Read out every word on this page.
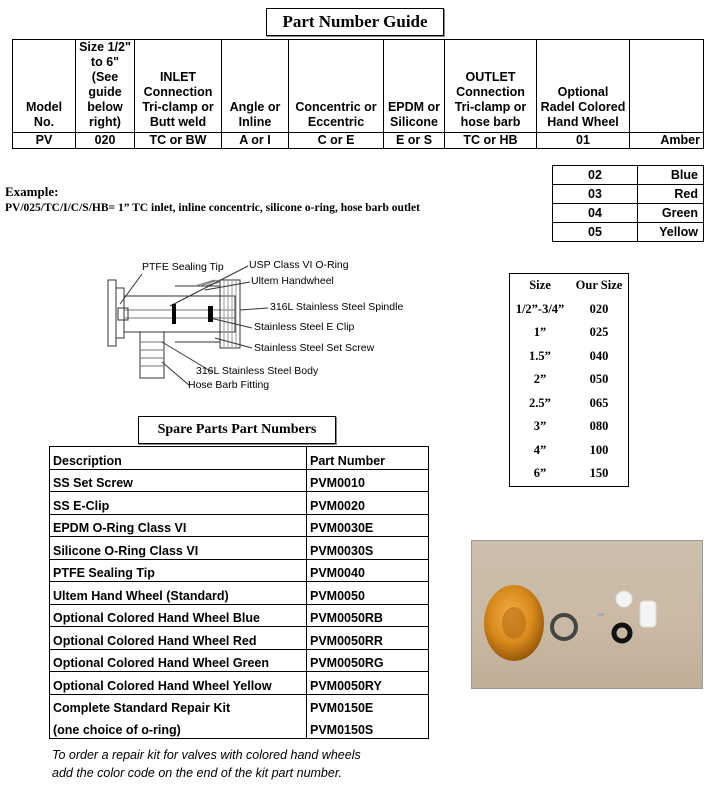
Part Number Guide
Model No.	Size 1/2" to 6" (See guide below right)	INLET Connection Tri-clamp or Butt weld	Angle or Inline	Concentric or Eccentric	EPDM or Silicone	OUTLET Connection Tri-clamp or hose barb	Optional Radel Colored Hand Wheel	
PV	020	TC or BW	A or I	C or E	E or S	TC or HB	01	Amber
02	Blue
03	Red
04	Green
05	Yellow
Example:
PV/025/TC/I/C/S/HB= 1” TC inlet, inline concentric, silicone o-ring, hose barb outlet
PTFE Sealing Tip USP Class VI O-Ring
Ultem Handwheel
316L Stainless Steel Spindle
Stainless Steel E Clip
Stainless Steel Set Screw
316L Stainless Steel Body
Hose Barb Fitting
Size	Our Size
1/2”-3/4”	020
1”	025
1.5”	040
2”	050
2.5”	065
3”	080
4”	100
6”	150
Spare Parts Part Numbers
Description	Part Number
SS Set Screw	PVM0010
SS E-Clip	PVM0020
EPDM O-Ring Class VI	PVM0030E
Silicone O-Ring Class VI	PVM0030S
PTFE Sealing Tip	PVM0040
Ultem Hand Wheel (Standard)	PVM0050
Optional Colored Hand Wheel Blue	PVM0050RB
Optional Colored Hand Wheel Red	PVM0050RR
Optional Colored Hand Wheel Green	PVM0050RG
Optional Colored Hand Wheel Yellow	PVM0050RY
Complete Standard Repair Kit	PVM0150E
(one choice of o-ring)	PVM0150S
To order a repair kit for valves with colored hand wheels
add the color code on the end of the kit part number.
